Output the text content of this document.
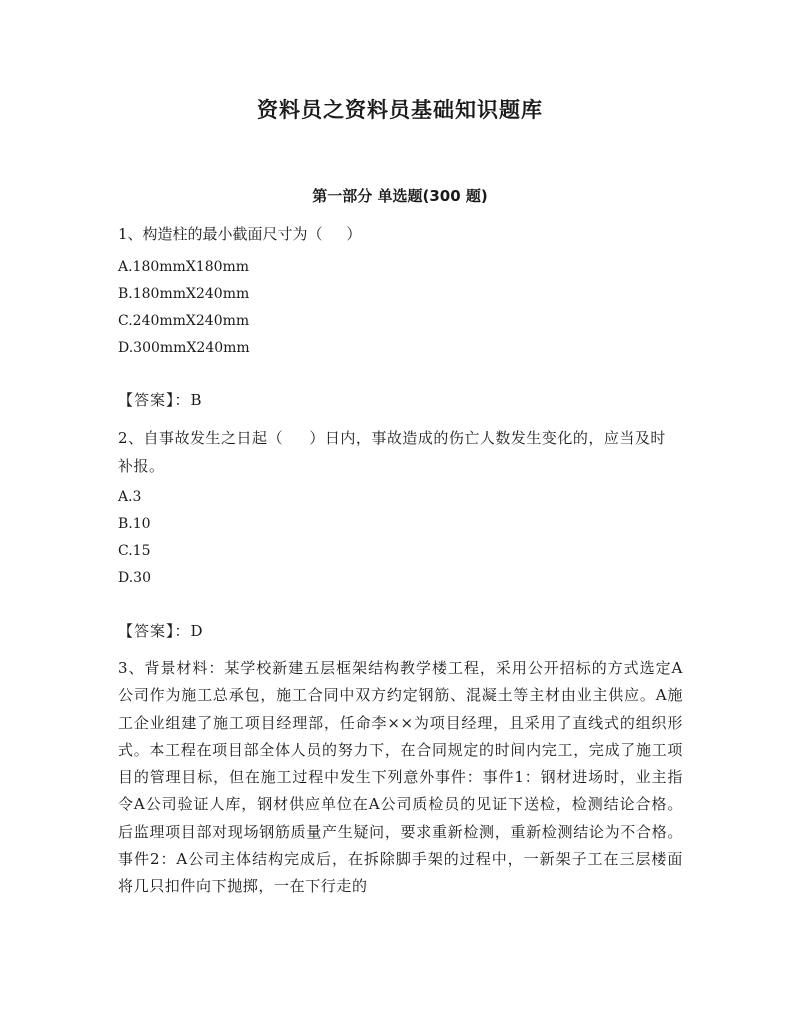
资料员之资料员基础知识题库
第一部分 单选题(300 题)
1、构造柱的最小截面尺寸为（     ）
A.180mmX180mm
B.180mmX240mm
C.240mmX240mm
D.300mmX240mm
【答案】：B
2、自事故发生之日起（     ）日内，事故造成的伤亡人数发生变化的，应当及时补报。
A.3
B.10
C.15
D.30
【答案】：D
3、背景材料：某学校新建五层框架结构教学楼工程，采用公开招标的方式选定A公司作为施工总承包，施工合同中双方约定钢筋、混凝土等主材由业主供应。A施工企业组建了施工项目经理部，任命李××为项目经理，且采用了直线式的组织形式。本工程在项目部全体人员的努力下，在合同规定的时间内完工，完成了施工项目的管理目标，但在施工过程中发生下列意外事件：事件1：钢材进场时，业主指令A公司验证人库，钢材供应单位在A公司质检员的见证下送检，检测结论合格。后监理项目部对现场钢筋质量产生疑问，要求重新检测，重新检测结论为不合格。事件2：A公司主体结构完成后，在拆除脚手架的过程中，一新架子工在三层楼面将几只扣件向下抛掷，一在下行走的
